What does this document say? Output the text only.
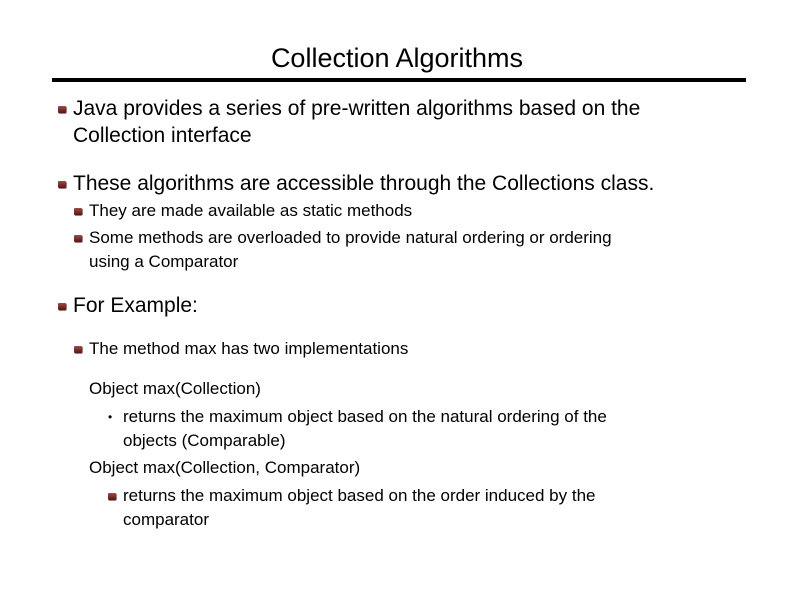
Collection Algorithms
Java provides a series of pre-written algorithms based on the
Collection interface
These algorithms are accessible through the Collections class.
They are made available as static methods
Some methods are overloaded to provide natural ordering or ordering
using a Comparator
For Example:
The method max has two implementations
Object max(Collection)
• returns the maximum object based on the natural ordering of the
objects (Comparable)
Object max(Collection, Comparator)
returns the maximum object based on the order induced by the
comparator
